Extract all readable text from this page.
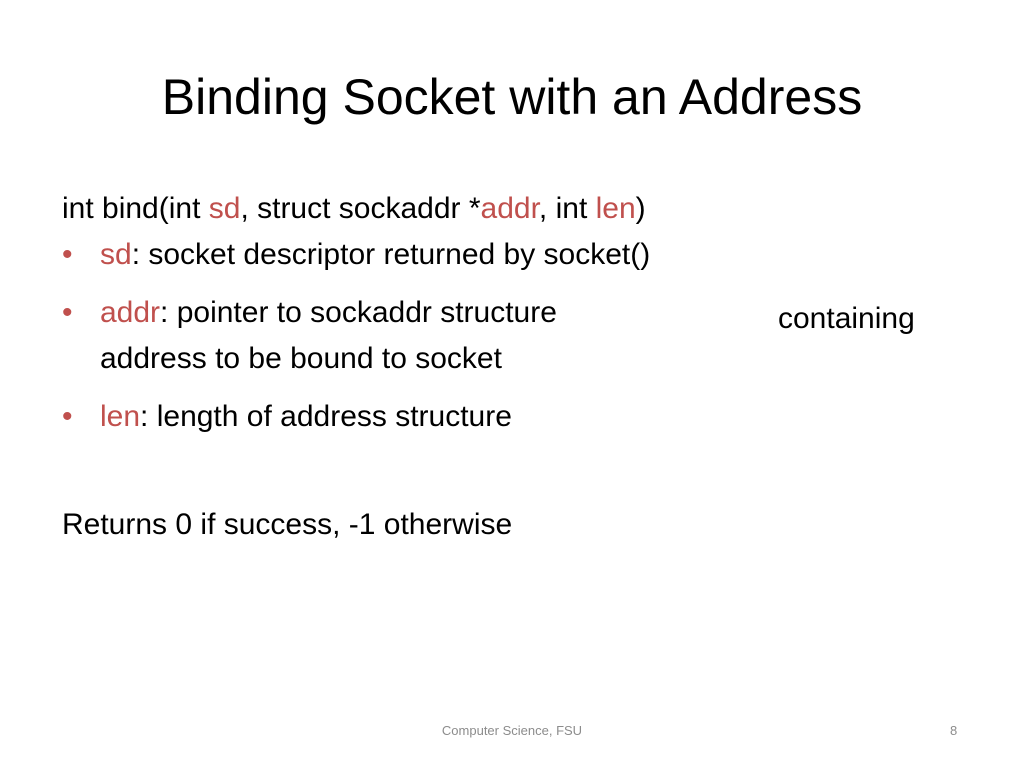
Binding Socket with an Address

int bind(int sd, struct sockaddr *addr, int len)

• sd: socket descriptor returned by socket()
• addr: pointer to sockaddr structure	containing

address to be bound to socket
• len: length of address structure

Returns 0 if success, -1 otherwise

Computer Science, FSU	8
